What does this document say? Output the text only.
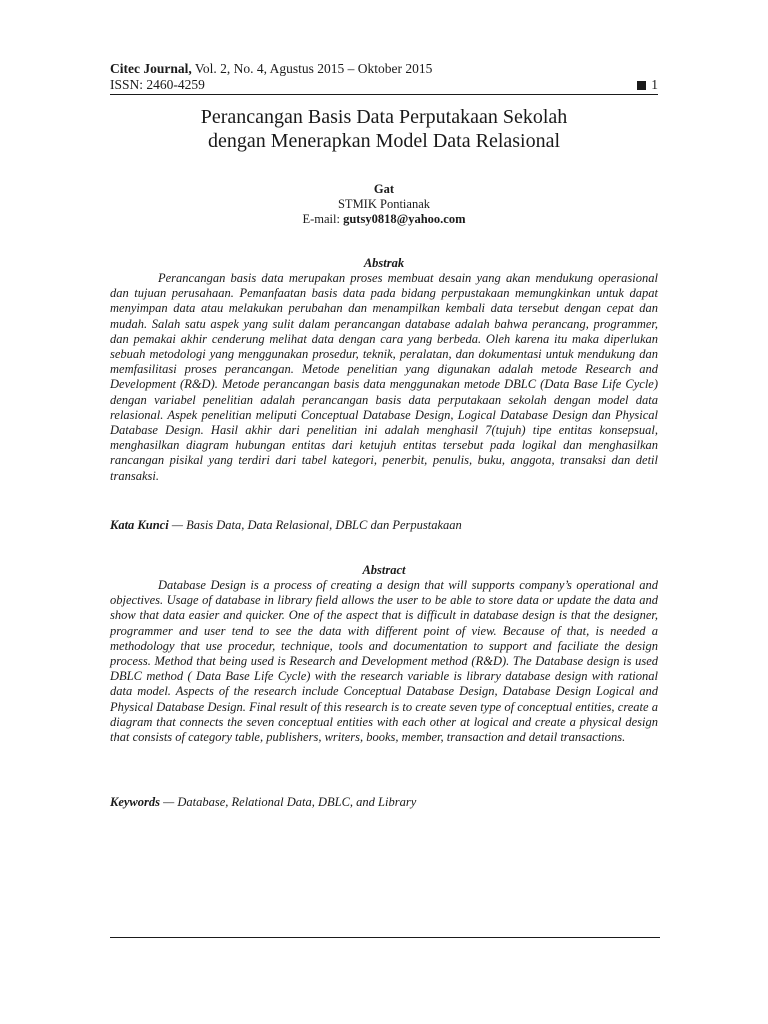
Citec Journal, Vol. 2, No. 4, Agustus 2015 – Oktober 2015
ISSN: 2460-4259	1
Perancangan Basis Data Perputakaan Sekolah
dengan Menerapkan Model Data Relasional
Gat
STMIK Pontianak
E-mail: gutsy0818@yahoo.com
Abstrak

Perancangan basis data merupakan proses membuat desain yang akan mendukung operasional dan tujuan perusahaan. Pemanfaatan basis data pada bidang perpustakaan memungkinkan untuk dapat menyimpan data atau melakukan perubahan dan menampilkan kembali data tersebut dengan cepat dan mudah. Salah satu aspek yang sulit dalam perancangan database adalah bahwa perancang, programmer, dan pemakai akhir cenderung melihat data dengan cara yang berbeda. Oleh karena itu maka diperlukan sebuah metodologi yang menggunakan prosedur, teknik, peralatan, dan dokumentasi untuk mendukung dan memfasilitasi proses perancangan. Metode penelitian yang digunakan adalah metode Research and Development (R&D). Metode perancangan basis data menggunakan metode DBLC (Data Base Life Cycle) dengan variabel penelitian adalah perancangan basis data perputakaan sekolah dengan model data relasional. Aspek penelitian meliputi Conceptual Database Design, Logical Database Design dan Physical Database Design. Hasil akhir dari penelitian ini adalah menghasil 7(tujuh) tipe entitas konsepsual, menghasilkan diagram hubungan entitas dari ketujuh entitas tersebut pada logikal dan menghasilkan rancangan pisikal yang terdiri dari tabel kategori, penerbit, penulis, buku, anggota, transaksi dan detil transaksi.

Kata Kunci — Basis Data, Data Relasional, DBLC dan Perpustakaan
Abstract

Database Design is a process of creating a design that will supports company’s operational and objectives. Usage of database in library field allows the user to be able to store data or update the data and show that data easier and quicker. One of the aspect that is difficult in database design is that the designer, programmer and user tend to see the data with different point of view. Because of that, is needed a methodology that use procedur, technique, tools and documentation to support and faciliate the design process. Method that being used is Research and Development method (R&D). The Database design is used DBLC method ( Data Base Life Cycle) with the research variable is library database design with rational data model. Aspects of the research include Conceptual Database Design, Database Design Logical and Physical Database Design. Final result of this research is to create seven type of conceptual entities, create a diagram that connects the seven conceptual entities with each other at logical and create a physical design that consists of category table, publishers, writers, books, member, transaction and detail transactions.

Keywords — Database, Relational Data, DBLC, and Library
